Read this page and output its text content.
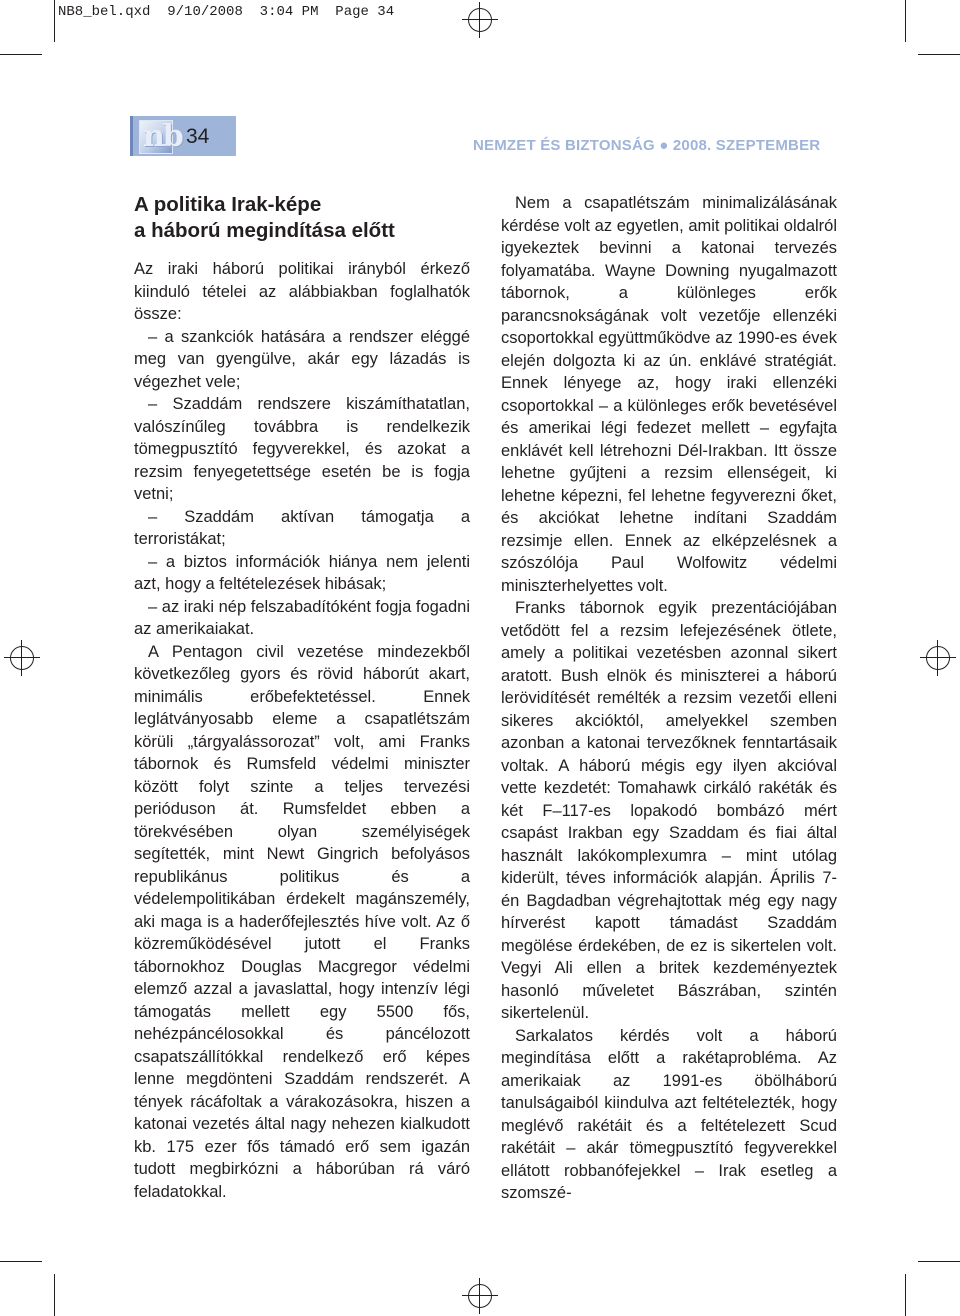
NB8_bel.qxd 9/10/2008 3:04 PM Page 34
nb 34	NEMZET ÉS BIZTONSÁG ● 2008. SZEPTEMBER
A politika Irak-képe
a háború megindítása előtt

Az iraki háború politikai irányból érkező kiinduló tételei az alábbiakban foglalhatók össze:

– a szankciók hatására a rendszer eléggé meg van gyengülve, akár egy lázadás is végezhet vele;

– Szaddám rendszere kiszámíthatatlan, valószínűleg továbbra is rendelkezik tömegpusztító fegyverekkel, és azokat a rezsim fenyegetettsége esetén be is fogja vetni;

– Szaddám aktívan támogatja a terroristákat;

– a biztos információk hiánya nem jelenti azt, hogy a feltételezések hibásak;

– az iraki nép felszabadítóként fogja fogadni az amerikaiakat.

A Pentagon civil vezetése mindezekből következőleg gyors és rövid háborút akart, minimális erőbefektetéssel. Ennek leglátványosabb eleme a csapatlétszám körüli „tárgyalássorozat” volt, ami Franks tábornok és Rumsfeld védelmi miniszter között folyt szinte a teljes tervezési perióduson át. Rumsfeldet ebben a törekvésében olyan személyiségek segítették, mint Newt Gingrich befolyásos republikánus politikus és a védelempolitikában érdekelt magánszemély, aki maga is a haderőfejlesztés híve volt. Az ő közreműködésével jutott el Franks tábornokhoz Douglas Macgregor védelmi elemző azzal a javaslattal, hogy intenzív légi támogatás mellett egy 5500 fős, nehézpáncélosokkal és páncélozott csapatszállítókkal rendelkező erő képes lenne megdönteni Szaddám rendszerét. A tények rácáfoltak a várakozásokra, hiszen a katonai vezetés által nagy nehezen kialkudott kb. 175 ezer fős támadó erő sem igazán tudott megbirkózni a háborúban rá váró feladatokkal.

Nem a csapatlétszám minimalizálásának kérdése volt az egyetlen, amit politikai oldalról igyekeztek bevinni a katonai tervezés folyamatába. Wayne Downing nyugalmazott tábornok, a különleges erők parancsnokságának volt vezetője ellenzéki csoportokkal együttműködve az 1990-es évek elején dolgozta ki az ún. enklávé stratégiát. Ennek lényege az, hogy iraki ellenzéki csoportokkal – a különleges erők bevetésével és amerikai légi fedezet mellett – egyfajta enklávét kell létrehozni Dél-Irakban. Itt össze lehetne gyűjteni a rezsim ellenségeit, ki lehetne képezni, fel lehetne fegyverezni őket, és akciókat lehetne indítani Szaddám rezsimje ellen. Ennek az elképzelésnek a szószólója Paul Wolfowitz védelmi miniszterhelyettes volt.

Franks tábornok egyik prezentációjában vetődött fel a rezsim lefejezésének ötlete, amely a politikai vezetésben azonnal sikert aratott. Bush elnök és miniszterei a háború lerövidítését remélték a rezsim vezetői elleni sikeres akcióktól, amelyekkel szemben azonban a katonai tervezőknek fenntartásaik voltak. A háború mégis egy ilyen akcióval vette kezdetét: Tomahawk cirkáló rakéták és két F–117-es lopakodó bombázó mért csapást Irakban egy Szaddam és fiai által használt lakókomplexumra – mint utólag kiderült, téves információk alapján. Április 7-én Bagdadban végrehajtottak még egy nagy hírverést kapott támadást Szaddám megölése érdekében, de ez is sikertelen volt. Vegyi Ali ellen a britek kezdeményeztek hasonló műveletet Bászrában, szintén sikertelenül.

Sarkalatos kérdés volt a háború megindítása előtt a rakétaprobléma. Az amerikaiak az 1991-es öbölháború tanulságaiból kiindulva azt feltételezték, hogy meglévő rakétáit és a feltételezett Scud rakétáit – akár tömegpusztító fegyverekkel ellátott robbanófejekkel – Irak esetleg a szomszé-
